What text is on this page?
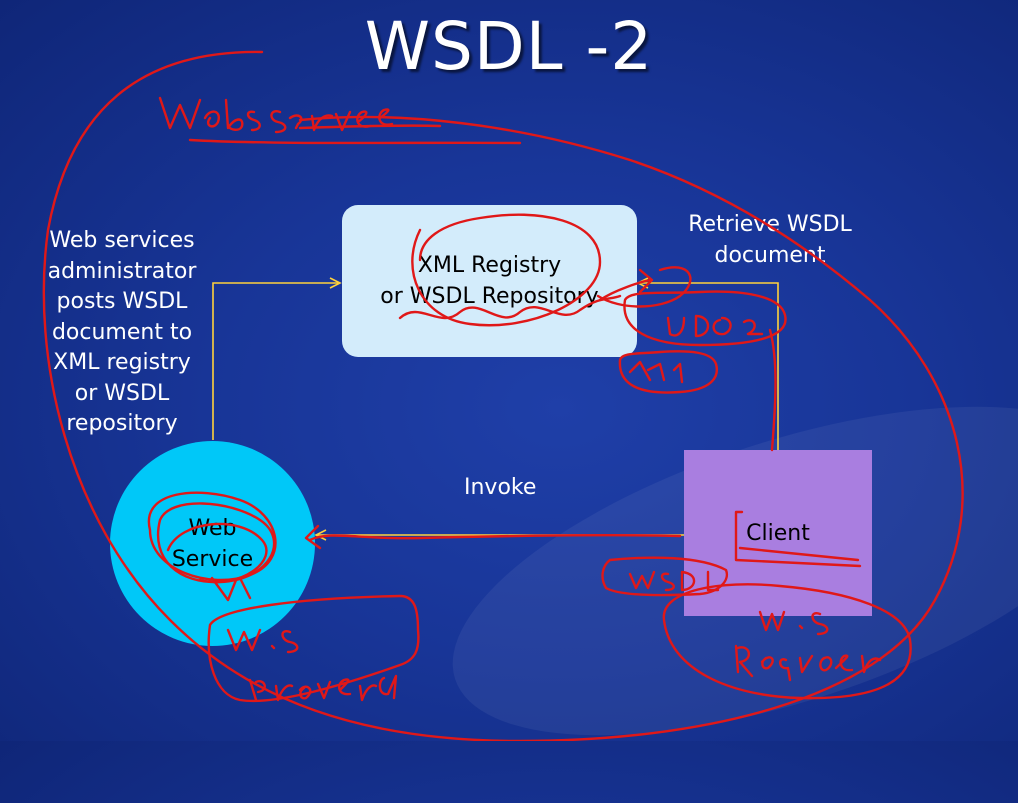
WSDL -2
XML Registry
or WSDL Repository
Web
Service
Client
Web services
administrator
posts WSDL
document to
XML registry
or WSDL
repository
Retrieve WSDL
document
Invoke
